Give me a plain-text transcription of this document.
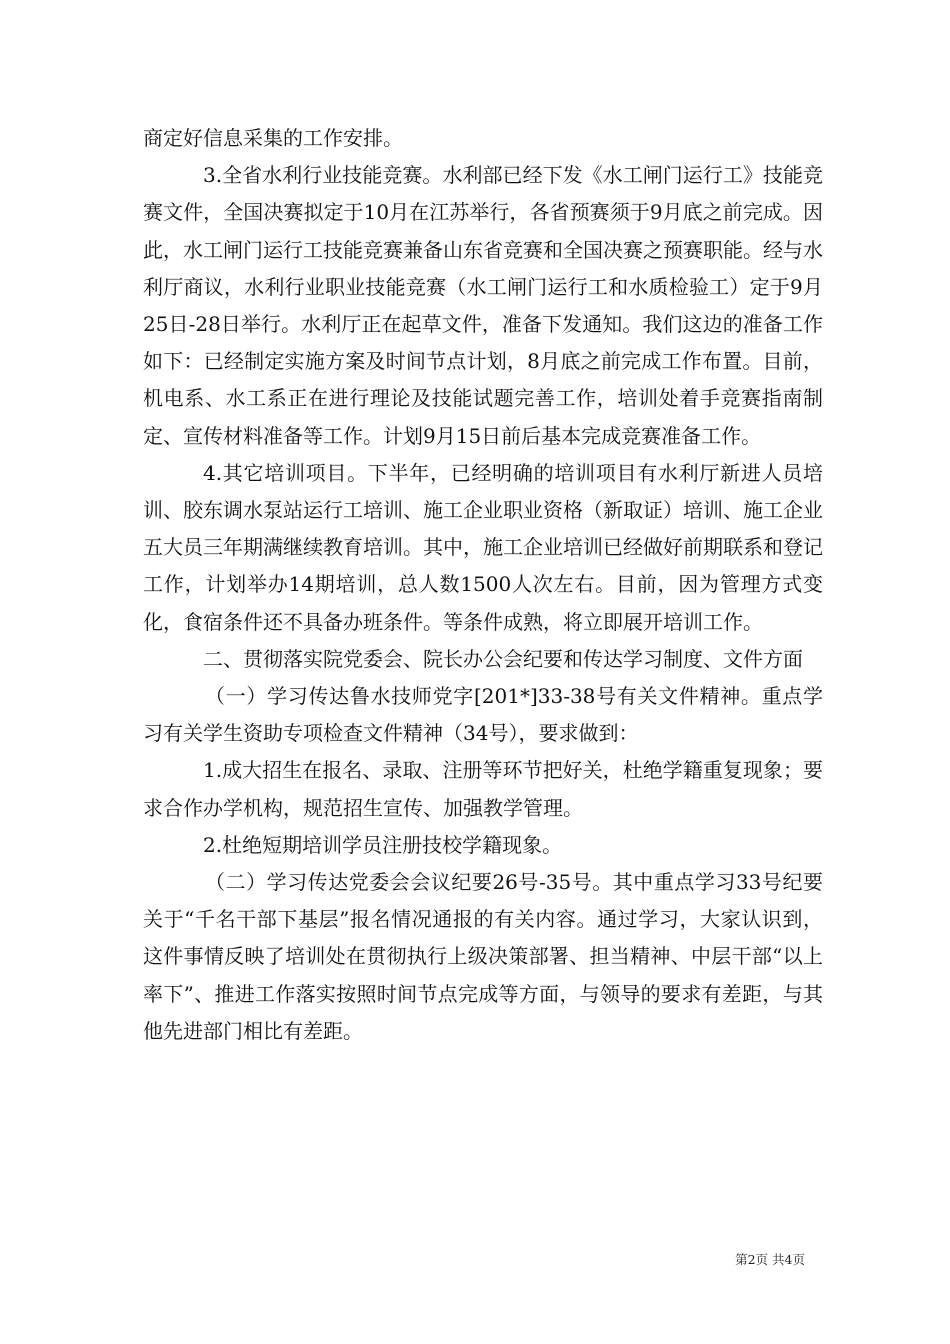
商定好信息采集的工作安排。

3.全省水利行业技能竞赛。水利部已经下发《水工闸门运行工》技能竞赛文件，全国决赛拟定于10月在江苏举行，各省预赛须于9月底之前完成。因此，水工闸门运行工技能竞赛兼备山东省竞赛和全国决赛之预赛职能。经与水利厅商议，水利行业职业技能竞赛（水工闸门运行工和水质检验工）定于9月25日-28日举行。水利厅正在起草文件，准备下发通知。我们这边的准备工作如下：已经制定实施方案及时间节点计划，8月底之前完成工作布置。目前，机电系、水工系正在进行理论及技能试题完善工作，培训处着手竞赛指南制定、宣传材料准备等工作。计划9月15日前后基本完成竞赛准备工作。

4.其它培训项目。下半年，已经明确的培训项目有水利厅新进人员培训、胶东调水泵站运行工培训、施工企业职业资格（新取证）培训、施工企业五大员三年期满继续教育培训。其中，施工企业培训已经做好前期联系和登记工作，计划举办14期培训，总人数1500人次左右。目前，因为管理方式变化，食宿条件还不具备办班条件。等条件成熟，将立即展开培训工作。

二、贯彻落实院党委会、院长办公会纪要和传达学习制度、文件方面

（一）学习传达鲁水技师党字[201*]33-38号有关文件精神。重点学习有关学生资助专项检查文件精神（34号），要求做到：

1.成大招生在报名、录取、注册等环节把好关，杜绝学籍重复现象；要求合作办学机构，规范招生宣传、加强教学管理。

2.杜绝短期培训学员注册技校学籍现象。

（二）学习传达党委会会议纪要26号-35号。其中重点学习33号纪要关于“千名干部下基层”报名情况通报的有关内容。通过学习，大家认识到，这件事情反映了培训处在贯彻执行上级决策部署、担当精神、中层干部“以上率下”、推进工作落实按照时间节点完成等方面，与领导的要求有差距，与其他先进部门相比有差距。

第2页 共4页
